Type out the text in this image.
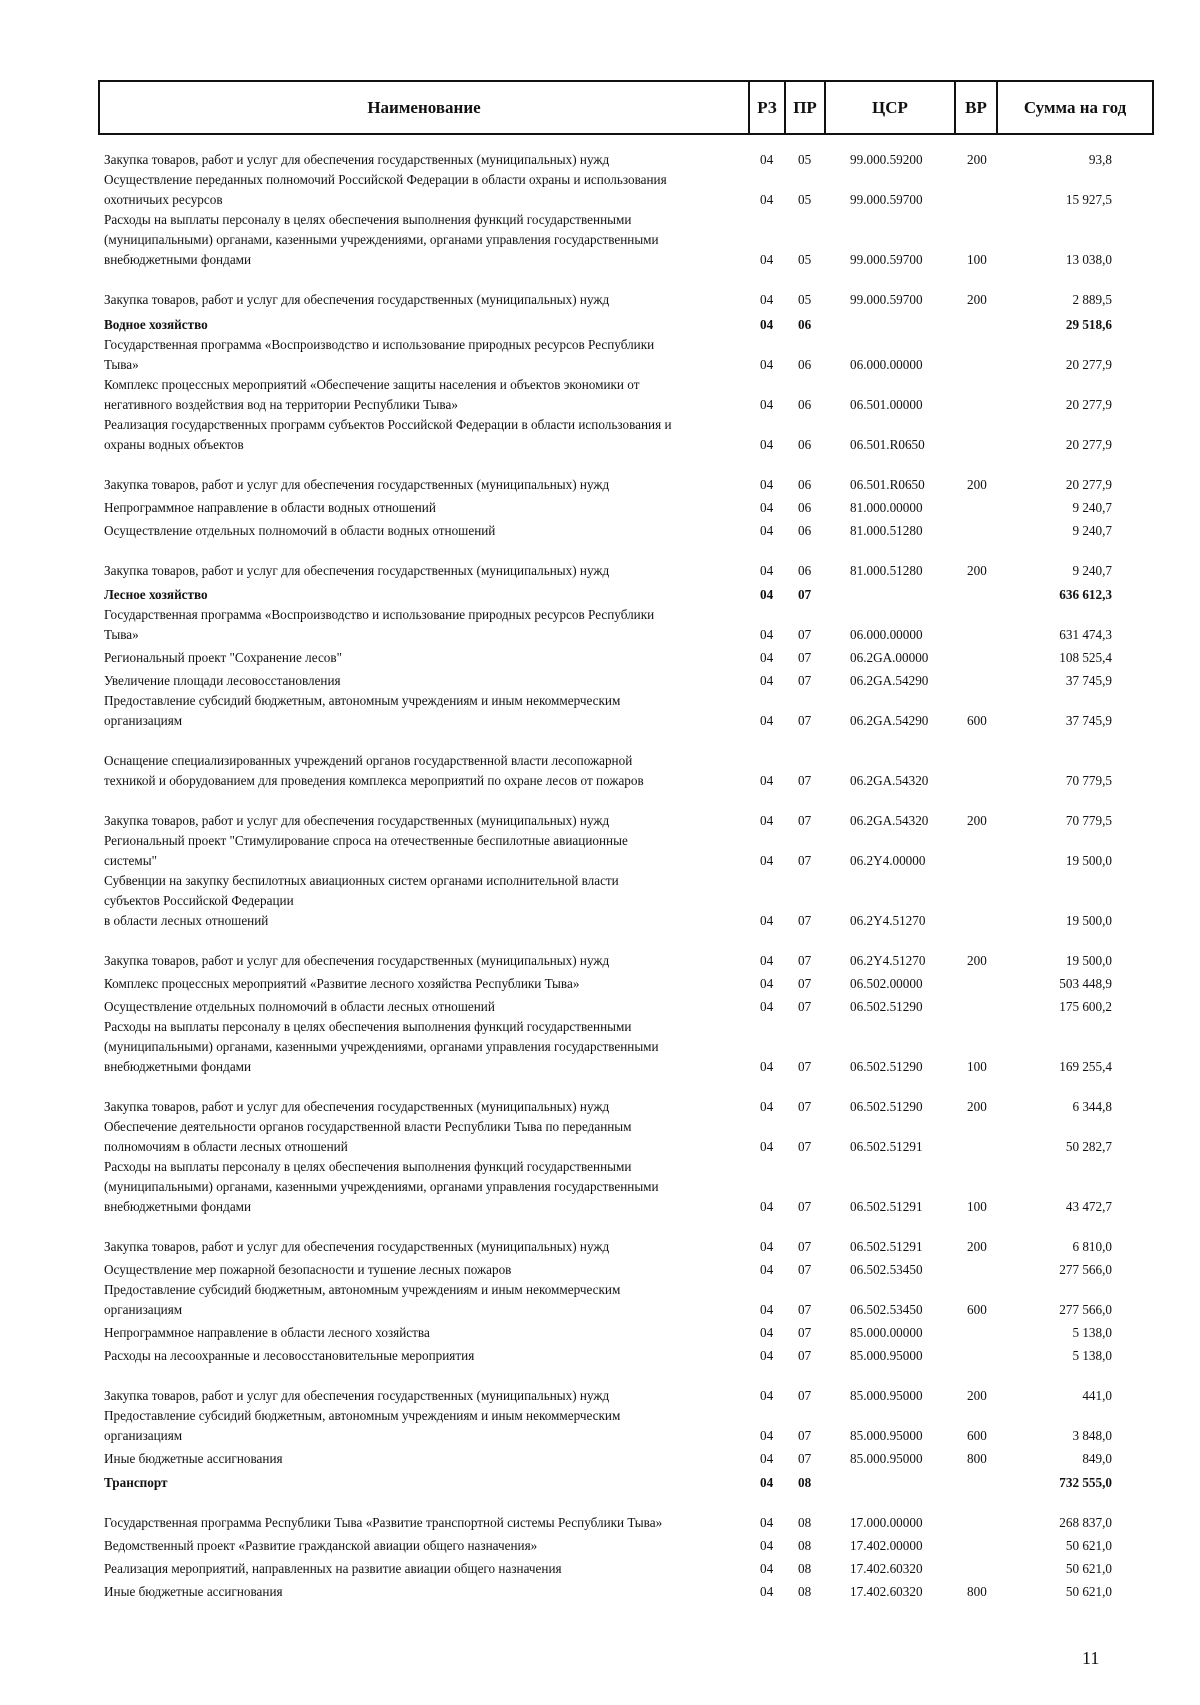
Наименование	РЗ ПР	ЦСР	ВР	Сумма на год
Закупка товаров, работ и услуг для обеспечения государственных (муниципальных) нужд	04 05	99.000.59200	200	93,8
Осуществление переданных полномочий Российской Федерации в области охраны и использования
охотничьих ресурсов	04 05	99.000.59700	15 927,5
Расходы на выплаты персоналу в целях обеспечения выполнения функций государственными
(муниципальными) органами, казенными учреждениями, органами управления государственными
внебюджетными фондами	04 05	99.000.59700	100	13 038,0
Закупка товаров, работ и услуг для обеспечения государственных (муниципальных) нужд	04 05	99.000.59700	200	2 889,5
Водное хозяйство	04 06	29 518,6
Государственная программа «Воспроизводство и использование природных ресурсов Республики
Тыва»	04 06	06.000.00000	20 277,9
Комплекс процессных мероприятий «Обеспечение защиты населения и объектов экономики от
негативного воздействия вод на территории Республики Тыва»	04 06	06.501.00000	20 277,9
Реализация государственных программ субъектов Российской Федерации в области использования и
охраны водных объектов	04 06	06.501.R0650	20 277,9
Закупка товаров, работ и услуг для обеспечения государственных (муниципальных) нужд	04 06	06.501.R0650	200	20 277,9
Непрограммное направление в области водных отношений	04 06	81.000.00000	9 240,7
Осуществление отдельных полномочий в области водных отношений	04 06	81.000.51280	9 240,7
Закупка товаров, работ и услуг для обеспечения государственных (муниципальных) нужд	04 06	81.000.51280	200	9 240,7
Лесное хозяйство	04 07	636 612,3
Государственная программа «Воспроизводство и использование природных ресурсов Республики
Тыва»	04 07	06.000.00000	631 474,3
Региональный проект "Сохранение лесов"	04 07	06.2GA.00000	108 525,4
Увеличение площади лесовосстановления	04 07	06.2GA.54290	37 745,9
Предоставление субсидий бюджетным, автономным учреждениям и иным некоммерческим
организациям	04 07	06.2GA.54290	600	37 745,9
Оснащение специализированных учреждений органов государственной власти лесопожарной
техникой и оборудованием для проведения комплекса мероприятий по охране лесов от пожаров	04 07	06.2GA.54320	70 779,5
Закупка товаров, работ и услуг для обеспечения государственных (муниципальных) нужд	04 07	06.2GA.54320	200	70 779,5
Региональный проект "Стимулирование спроса на отечественные беспилотные авиационные
системы"	04 07	06.2Y4.00000	19 500,0
Субвенции на закупку беспилотных авиационных систем органами исполнительной власти
субъектов Российской Федерации
в области лесных отношений	04 07	06.2Y4.51270	19 500,0
Закупка товаров, работ и услуг для обеспечения государственных (муниципальных) нужд	04 07	06.2Y4.51270	200	19 500,0
Комплекс процессных мероприятий «Развитие лесного хозяйства Республики Тыва»	04 07	06.502.00000	503 448,9
Осуществление отдельных полномочий в области лесных отношений	04 07	06.502.51290	175 600,2
Расходы на выплаты персоналу в целях обеспечения выполнения функций государственными
(муниципальными) органами, казенными учреждениями, органами управления государственными
внебюджетными фондами	04 07	06.502.51290	100	169 255,4
Закупка товаров, работ и услуг для обеспечения государственных (муниципальных) нужд	04 07	06.502.51290	200	6 344,8
Обеспечение деятельности органов государственной власти Республики Тыва по переданным
полномочиям в области лесных отношений	04 07	06.502.51291	50 282,7
Расходы на выплаты персоналу в целях обеспечения выполнения функций государственными
(муниципальными) органами, казенными учреждениями, органами управления государственными
внебюджетными фондами	04 07	06.502.51291	100	43 472,7
Закупка товаров, работ и услуг для обеспечения государственных (муниципальных) нужд	04 07	06.502.51291	200	6 810,0
Осуществление мер пожарной безопасности и тушение лесных пожаров	04 07	06.502.53450	277 566,0
Предоставление субсидий бюджетным, автономным учреждениям и иным некоммерческим
организациям	04 07	06.502.53450	600	277 566,0
Непрограммное направление в области лесного хозяйства	04 07	85.000.00000	5 138,0
Расходы на лесоохранные и лесовосстановительные мероприятия	04 07	85.000.95000	5 138,0
Закупка товаров, работ и услуг для обеспечения государственных (муниципальных) нужд	04 07	85.000.95000	200	441,0
Предоставление субсидий бюджетным, автономным учреждениям и иным некоммерческим
организациям	04 07	85.000.95000	600	3 848,0
Иные бюджетные ассигнования	04 07	85.000.95000	800	849,0
Транспорт	04 08	732 555,0
Государственная программа Республики Тыва «Развитие транспортной системы Республики Тыва»	04 08	17.000.00000	268 837,0
Ведомственный проект «Развитие гражданской авиации общего назначения»	04 08	17.402.00000	50 621,0
Реализация мероприятий, направленных на развитие авиации общего назначения	04 08	17.402.60320	50 621,0
Иные бюджетные ассигнования	04 08	17.402.60320	800	50 621,0
11
